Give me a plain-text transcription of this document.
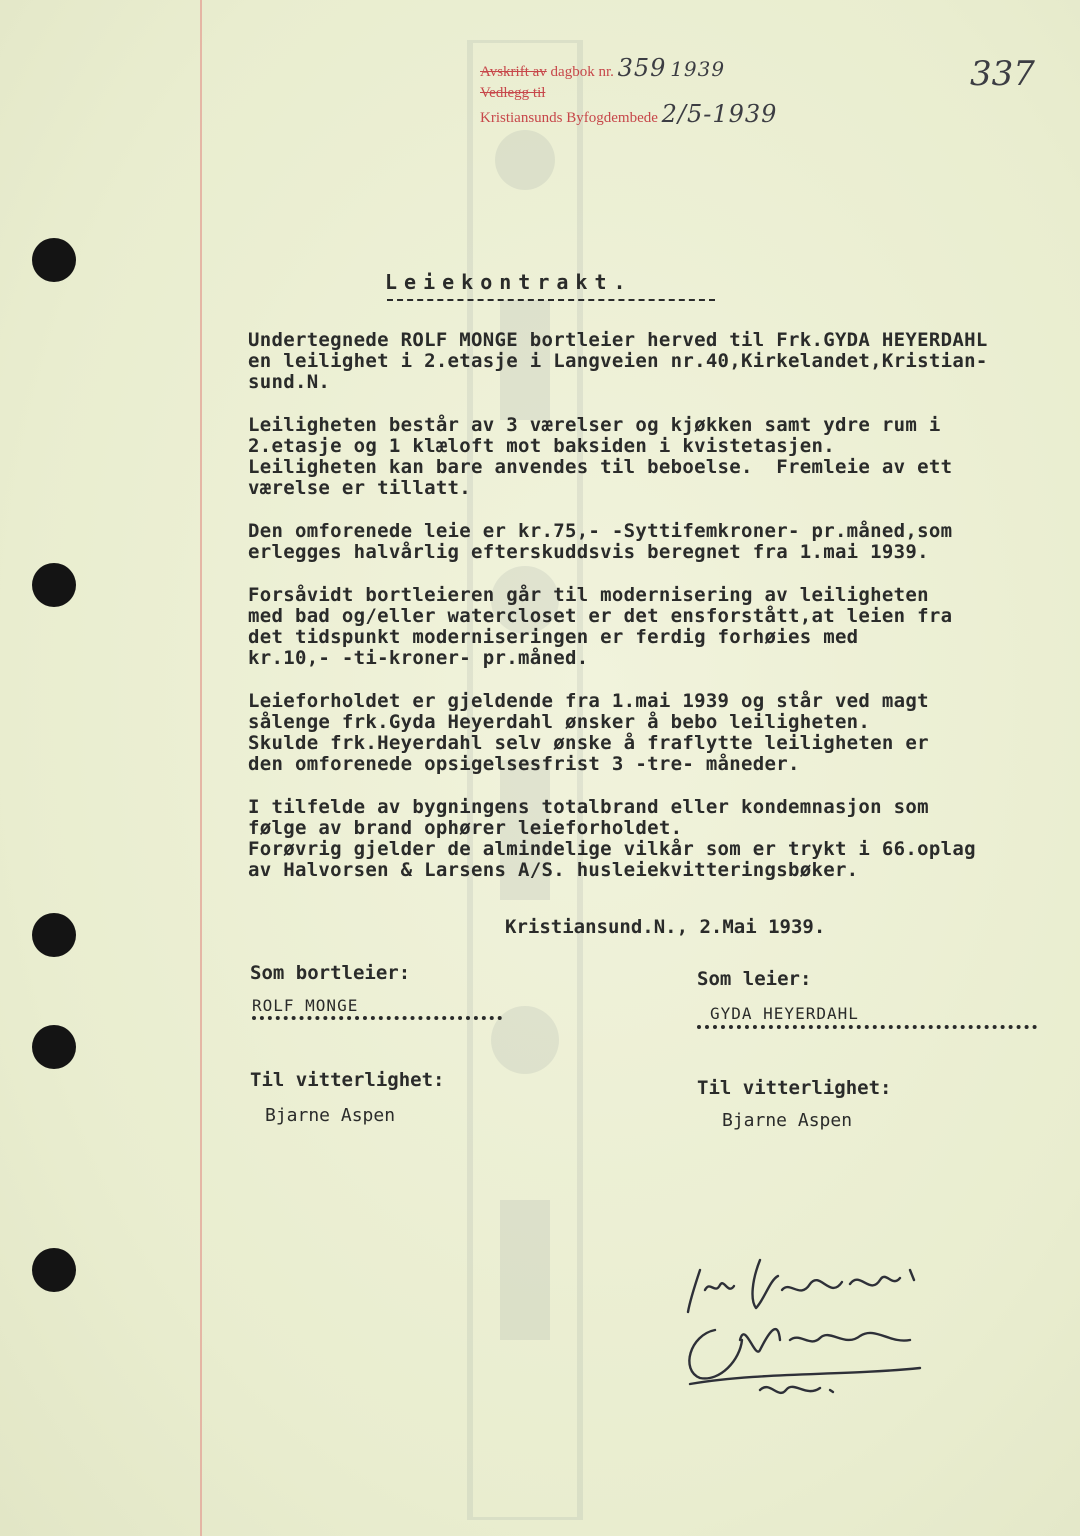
Avskrift av dagbok nr. 359 1939
Vedlegg til
Kristiansunds Byfogdembede 2/5-1939
337
Leiekontrakt.

Undertegnede ROLF MONGE bortleier herved til Frk.GYDA HEYERDAHL
en leilighet i 2.etasje i Langveien nr.40,Kirkelandet,Kristian-
sund.N.

Leiligheten består av 3 værelser og kjøkken samt ydre rum i
2.etasje og 1 klæloft mot baksiden i kvistetasjen.
Leiligheten kan bare anvendes til beboelse.  Fremleie av ett
værelse er tillatt.

Den omforenede leie er kr.75,- -Syttifemkroner- pr.måned,som
erlegges halvårlig efterskuddsvis beregnet fra 1.mai 1939.

Forsåvidt bortleieren går til modernisering av leiligheten
med bad og/eller watercloset er det ensforstått,at leien fra
det tidspunkt moderniseringen er ferdig forhøies med
kr.10,- -ti-kroner- pr.måned.

Leieforholdet er gjeldende fra 1.mai 1939 og står ved magt
sålenge frk.Gyda Heyerdahl ønsker å bebo leiligheten.
Skulde frk.Heyerdahl selv ønske å fraflytte leiligheten er
den omforenede opsigelsesfrist 3 -tre- måneder.

I tilfelde av bygningens totalbrand eller kondemnasjon som
følge av brand ophører leieforholdet.
Forøvrig gjelder de almindelige vilkår som er trykt i 66.oplag
av Halvorsen & Larsens A/S. husleiekvitteringsbøker.

Kristiansund.N., 2.Mai 1939.
Som bortleier:
ROLF MONGE
Som leier:
GYDA HEYERDAHL
Til vitterlighet:
Bjarne Aspen
Til vitterlighet:
Bjarne Aspen
